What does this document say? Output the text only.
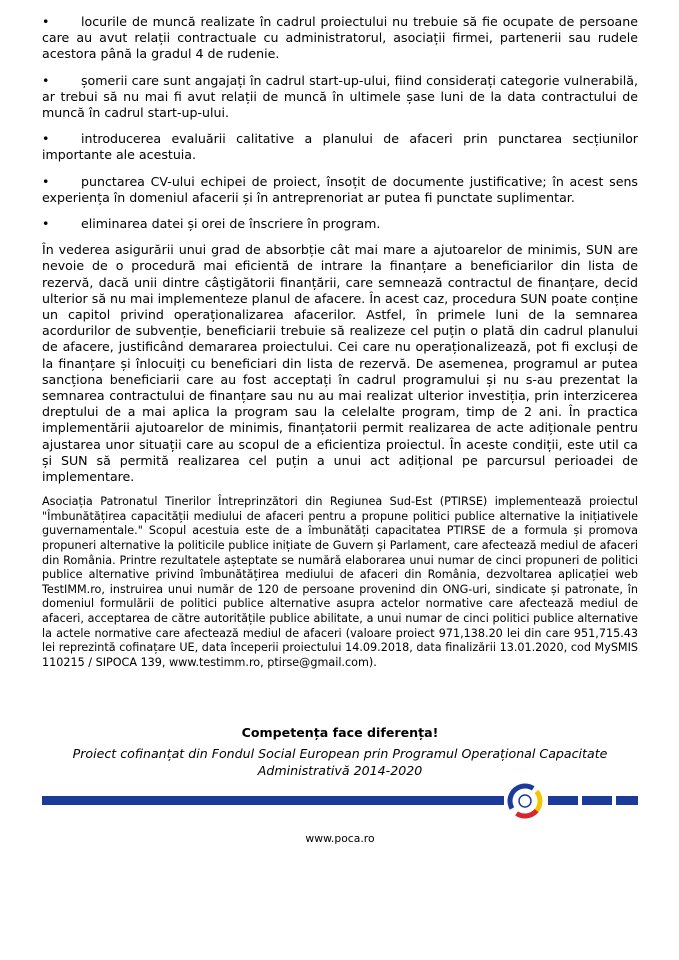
•	locurile de muncă realizate în cadrul proiectului nu trebuie să fie ocupate de persoane care au avut relații contractuale cu administratorul, asociații firmei, partenerii sau rudele acestora până la gradul 4 de rudenie.

•	șomerii care sunt angajați în cadrul start-up-ului, fiind considerați categorie vulnerabilă, ar trebui să nu mai fi avut relații de muncă în ultimele șase luni de la data contractului de muncă în cadrul start-up-ului.

•	introducerea evaluării calitative a planului de afaceri prin punctarea secțiunilor importante ale acestuia.

•	punctarea CV-ului echipei de proiect, însoțit de documente justificative; în acest sens experiența în domeniul afacerii și în antreprenoriat ar putea fi punctate suplimentar.

•	eliminarea datei și orei de înscriere în program.

În vederea asigurării unui grad de absorbție cât mai mare a ajutoarelor de minimis, SUN are nevoie de o procedură mai eficientă de intrare la finanțare a beneficiarilor din lista de rezervă, dacă unii dintre câștigătorii finanțării, care semnează contractul de finanțare, decid ulterior să nu mai implementeze planul de afacere. În acest caz, procedura SUN poate conține un capitol privind operaționalizarea afacerilor. Astfel, în primele luni de la semnarea acordurilor de subvenție, beneficiarii trebuie să realizeze cel puțin o plată din cadrul planului de afacere, justificând demararea proiectului. Cei care nu operaționalizează, pot fi excluși de la finanțare și înlocuiți cu beneficiari din lista de rezervă. De asemenea, programul ar putea sancționa beneficiarii care au fost acceptați în cadrul programului și nu s-au prezentat la semnarea contractului de finanțare sau nu au mai realizat ulterior investiția, prin interzicerea dreptului de a mai aplica la program sau la celelalte program, timp de 2 ani. În practica implementării ajutoarelor de minimis, finanțatorii permit realizarea de acte adiționale pentru ajustarea unor situații care au scopul de a eficientiza proiectul. În aceste condiții, este util ca și SUN să permită realizarea cel puțin a unui act adițional pe parcursul perioadei de implementare.

Asociația Patronatul Tinerilor Întreprinzători din Regiunea Sud-Est (PTIRSE) implementează proiectul "Îmbunătățirea capacității mediului de afaceri pentru a propune politici publice alternative la inițiativele guvernamentale." Scopul acestuia este de a îmbunătăți capacitatea PTIRSE de a formula și promova propuneri alternative la politicile publice inițiate de Guvern și Parlament, care afectează mediul de afaceri din România. Printre rezultatele așteptate se numără elaborarea unui numar de cinci propuneri de politici publice alternative privind îmbunătățirea mediului de afaceri din România, dezvoltarea aplicației web TestIMM.ro, instruirea unui număr de 120 de persoane provenind din ONG-uri, sindicate și patronate, în domeniul formulării de politici publice alternative asupra actelor normative care afectează mediul de afaceri, acceptarea de către autoritățile publice abilitate, a unui numar de cinci politici publice alternative la actele normative care afectează mediul de afaceri (valoare proiect 971,138.20 lei din care 951,715.43 lei reprezintă cofinațare UE, data începerii proiectului 14.09.2018, data finalizării 13.01.2020, cod MySMIS 110215 / SIPOCA 139, www.testimm.ro, ptirse@gmail.com).

Competența face diferența!
Proiect cofinanțat din Fondul Social European prin Programul Operațional Capacitate Administrativă 2014-2020
www.poca.ro
